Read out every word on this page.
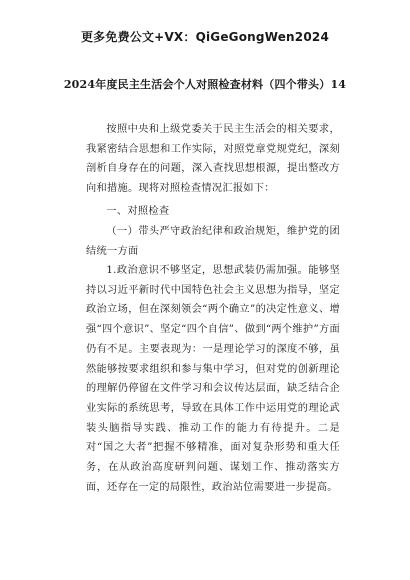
更多免费公文+VX：QiGeGongWen2024
2024年度民主生活会个人对照检查材料（四个带头）14

按照中央和上级党委关于民主生活会的相关要求，我紧密结合思想和工作实际，对照党章党规党纪，深刻剖析自身存在的问题，深入查找思想根源，提出整改方向和措施。现将对照检查情况汇报如下：

一、对照检查

（一）带头严守政治纪律和政治规矩，维护党的团结统一方面

1.政治意识不够坚定，思想武装仍需加强。能够坚持以习近平新时代中国特色社会主义思想为指导，坚定政治立场，但在深刻领会“两个确立”的决定性意义、增强“四个意识”、坚定“四个自信”、做到“两个维护”方面仍有不足。主要表现为：一是理论学习的深度不够，虽然能够按要求组织和参与集中学习，但对党的创新理论的理解仍停留在文件学习和会议传达层面，缺乏结合企业实际的系统思考，导致在具体工作中运用党的理论武装头脑指导实践、推动工作的能力有待提升。二是对“国之大者”把握不够精准，面对复杂形势和重大任务，在从政治高度研判问题、谋划工作、推动落实方面，还存在一定的局限性，政治站位需要进一步提高。
